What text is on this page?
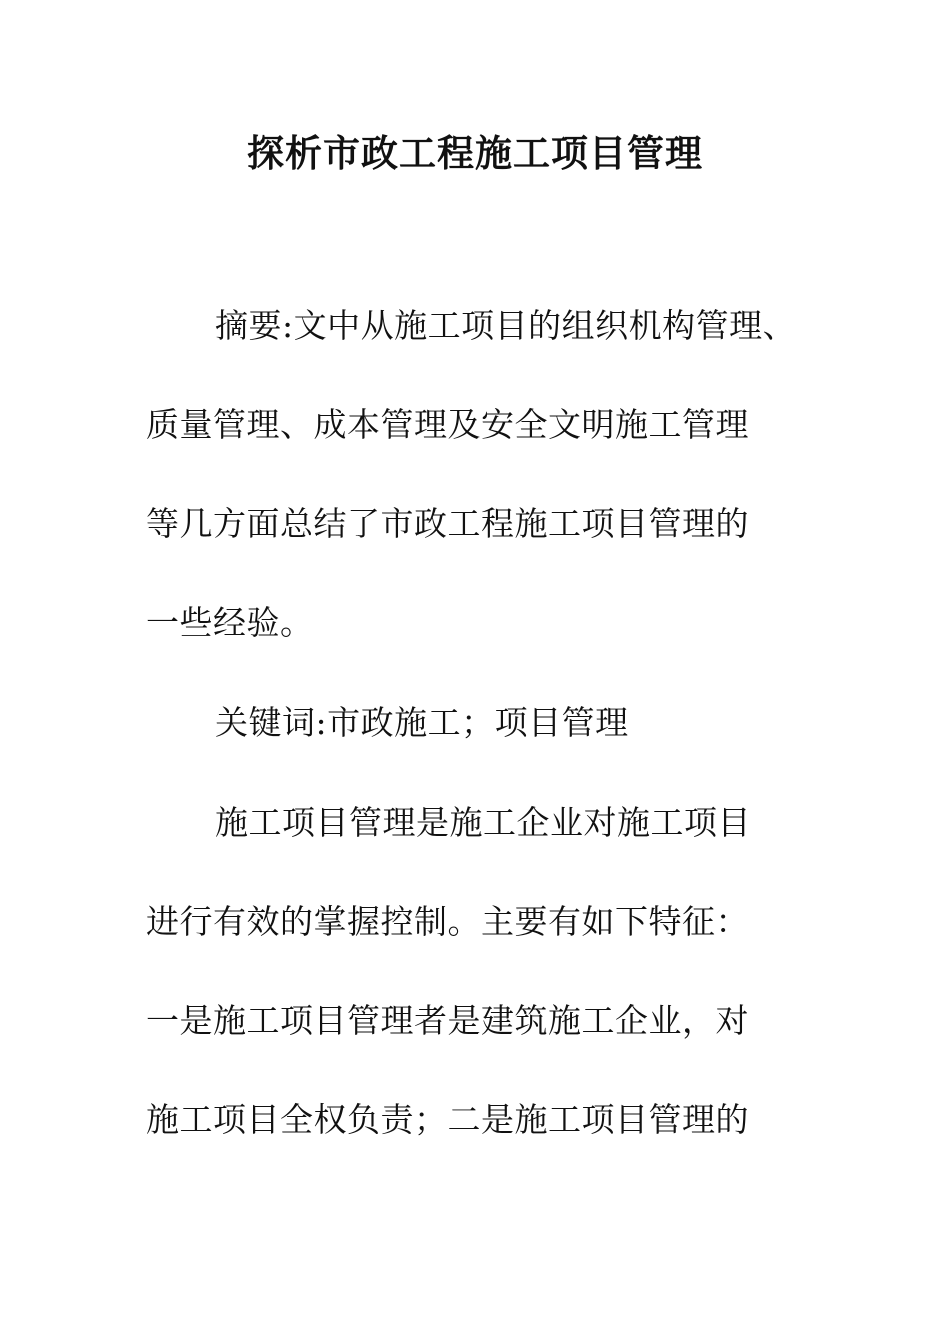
探析市政工程施工项目管理
摘要:文中从施工项目的组织机构管理、
质量管理、成本管理及安全文明施工管理
等几方面总结了市政工程施工项目管理的
一些经验。
关键词:市政施工；项目管理
施工项目管理是施工企业对施工项目
进行有效的掌握控制。主要有如下特征：
一是施工项目管理者是建筑施工企业，对
施工项目全权负责；二是施工项目管理的
